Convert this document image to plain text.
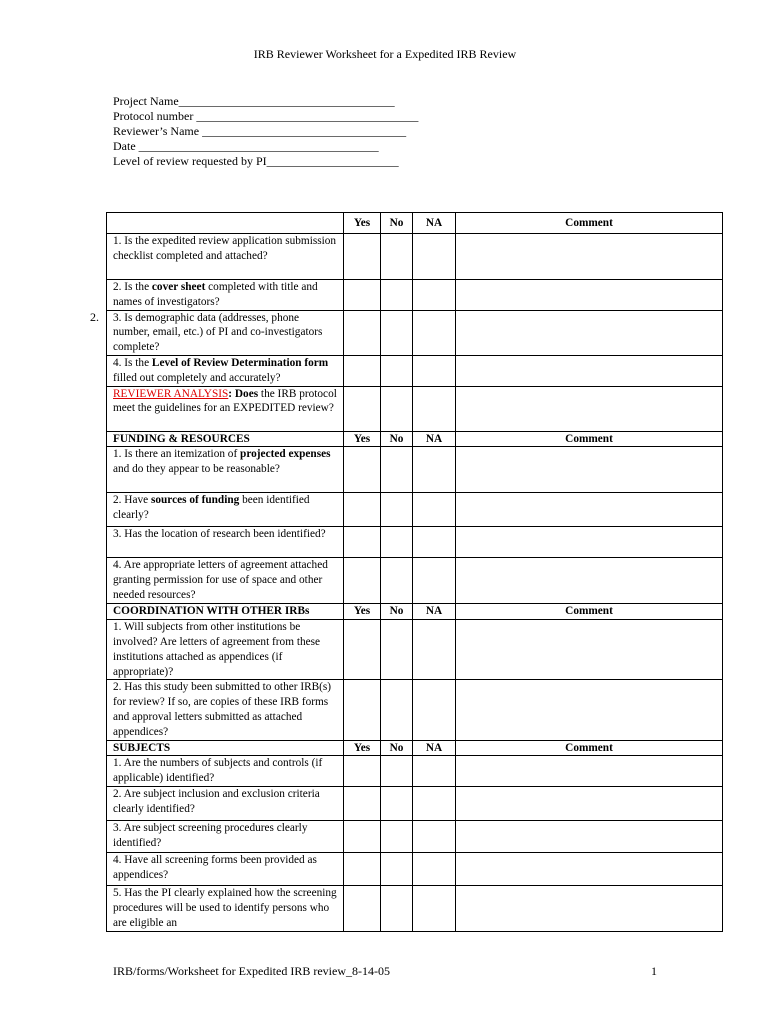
IRB Reviewer Worksheet for a Expedited IRB Review
Project Name____________________________________
Protocol number _____________________________________
Reviewer’s Name __________________________________
Date ________________________________________
Level of review requested by PI______________________
2.
	Yes	No	NA	Comment
1. Is the expedited review application submission checklist completed and attached?				
2. Is the cover sheet completed with title and names of investigators?				
3. Is demographic data (addresses, phone number, email, etc.) of PI and co-investigators complete?				
4. Is the Level of Review Determination form filled out completely and accurately?				
REVIEWER ANALYSIS: Does the IRB protocol meet the guidelines for an EXPEDITED review?				
FUNDING & RESOURCES	Yes	No	NA	Comment
1. Is there an itemization of projected expenses and do they appear to be reasonable?				
2. Have sources of funding been identified clearly?				
3. Has the location of research been identified?				
4. Are appropriate letters of agreement attached granting permission for use of space and other needed resources?				
COORDINATION WITH OTHER IRBs	Yes	No	NA	Comment
1. Will subjects from other institutions be involved? Are letters of agreement from these institutions attached as appendices (if appropriate)?				
2. Has this study been submitted to other IRB(s) for review? If so, are copies of these IRB forms and approval letters submitted as attached appendices?				
SUBJECTS	Yes	No	NA	Comment
1. Are the numbers of subjects and controls (if applicable) identified?				
2. Are subject inclusion and exclusion criteria clearly identified?				
3. Are subject screening procedures clearly identified?				
4. Have all screening forms been provided as appendices?				
5. Has the PI clearly explained how the screening procedures will be used to identify persons who are eligible an				
IRB/forms/Worksheet for Expedited IRB review_8-14-05	1
